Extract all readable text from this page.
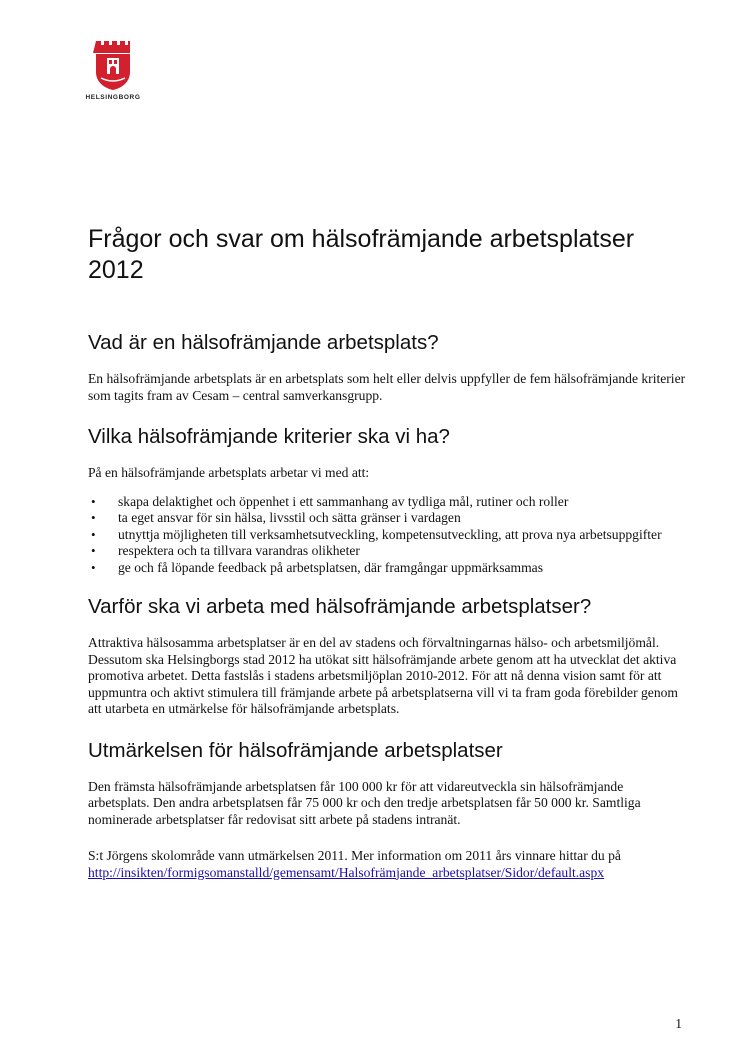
HELSINGBORG
Frågor och svar om hälsofrämjande arbetsplatser 2012
Vad är en hälsofrämjande arbetsplats?

En hälsofrämjande arbetsplats är en arbetsplats som helt eller delvis uppfyller de fem hälsofrämjande kriterier som tagits fram av Cesam – central samverkansgrupp.

Vilka hälsofrämjande kriterier ska vi ha?

På en hälsofrämjande arbetsplats arbetar vi med att:

• skapa delaktighet och öppenhet i ett sammanhang av tydliga mål, rutiner och roller
• ta eget ansvar för sin hälsa, livsstil och sätta gränser i vardagen
• utnyttja möjligheten till verksamhetsutveckling, kompetensutveckling, att prova nya arbetsuppgifter
• respektera och ta tillvara varandras olikheter
• ge och få löpande feedback på arbetsplatsen, där framgångar uppmärksammas
Varför ska vi arbeta med hälsofrämjande arbetsplatser?

Attraktiva hälsosamma arbetsplatser är en del av stadens och förvaltningarnas hälso- och arbetsmiljömål. Dessutom ska Helsingborgs stad 2012 ha utökat sitt hälsofrämjande arbete genom att ha utvecklat det aktiva promotiva arbetet. Detta fastslås i stadens arbetsmiljöplan 2010-2012. För att nå denna vision samt för att uppmuntra och aktivt stimulera till främjande arbete på arbetsplatserna vill vi ta fram goda förebilder genom att utarbeta en utmärkelse för hälsofrämjande arbetsplats.

Utmärkelsen för hälsofrämjande arbetsplatser

Den främsta hälsofrämjande arbetsplatsen får 100 000 kr för att vidareutveckla sin hälsofrämjande arbetsplats. Den andra arbetsplatsen får 75 000 kr och den tredje arbetsplatsen får 50 000 kr. Samtliga nominerade arbetsplatser får redovisat sitt arbete på stadens intranät.

S:t Jörgens skolområde vann utmärkelsen 2011. Mer information om 2011 års vinnare hittar du på
http://insikten/formigsomanstalld/gemensamt/Halsofrämjande_arbetsplatser/Sidor/default.aspx

1
